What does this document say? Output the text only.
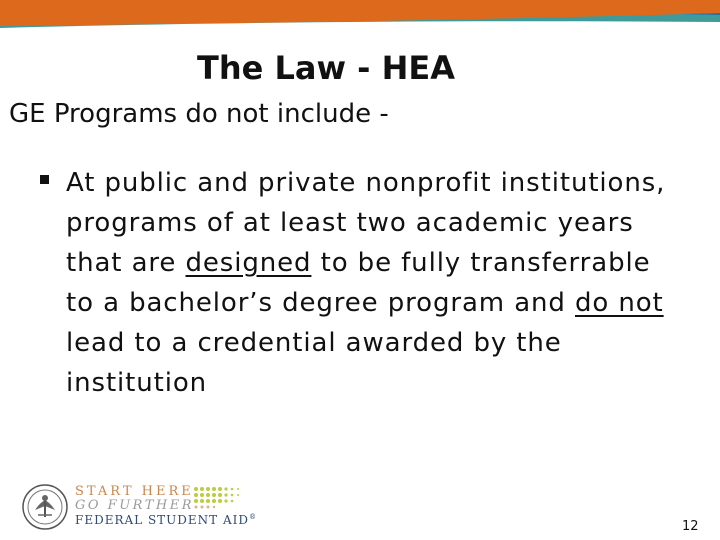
The Law - HEA
GE Programs do not include -
At public and private nonprofit institutions, programs of at least two academic years that are designed to be fully transferrable to a bachelor’s degree program and do not lead to a credential awarded by the institution
START HERE
GO FURTHER
FEDERAL STUDENT AID®
12
